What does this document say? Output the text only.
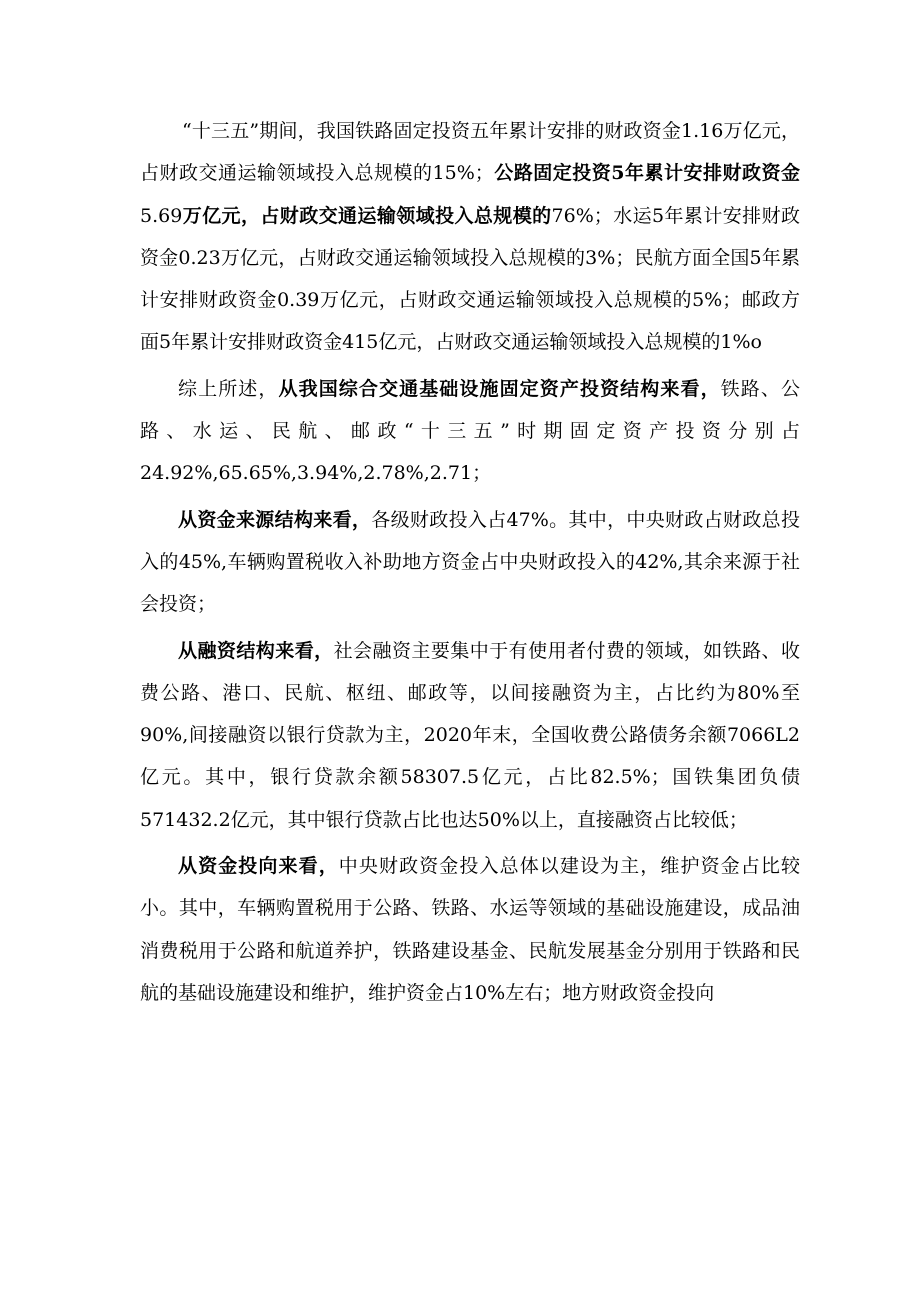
“十三五”期间，我国铁路固定投资五年累计安排的财政资金1.16万亿元，占财政交通运输领域投入总规模的15%；公路固定投资5年累计安排财政资金5.69万亿元，占财政交通运输领域投入总规模的76%；水运5年累计安排财政资金0.23万亿元，占财政交通运输领域投入总规模的3%；民航方面全国5年累计安排财政资金0.39万亿元，占财政交通运输领域投入总规模的5%；邮政方面5年累计安排财政资金415亿元，占财政交通运输领域投入总规模的1%o

综上所述，从我国综合交通基础设施固定资产投资结构来看，铁路、公路、水运、民航、邮政“十三五”时期固定资产投资分别占24.92%,65.65%,3.94%,2.78%,2.71；

从资金来源结构来看，各级财政投入占47%。其中，中央财政占财政总投入的45%,车辆购置税收入补助地方资金占中央财政投入的42%,其余来源于社会投资；

从融资结构来看，社会融资主要集中于有使用者付费的领域，如铁路、收费公路、港口、民航、枢纽、邮政等，以间接融资为主，占比约为80%至90%,间接融资以银行贷款为主，2020年末，全国收费公路债务余额7066L2亿元。其中，银行贷款余额58307.5亿元，占比82.5%；国铁集团负债571432.2亿元，其中银行贷款占比也达50%以上，直接融资占比较低；

从资金投向来看，中央财政资金投入总体以建设为主，维护资金占比较小。其中，车辆购置税用于公路、铁路、水运等领域的基础设施建设，成品油消费税用于公路和航道养护，铁路建设基金、民航发展基金分别用于铁路和民航的基础设施建设和维护，维护资金占10%左右；地方财政资金投向
